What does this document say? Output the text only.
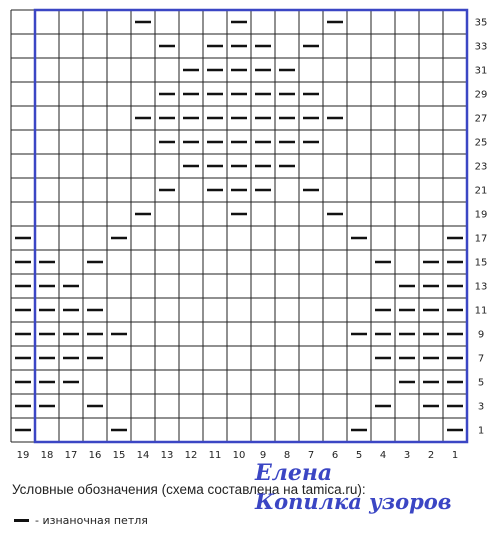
1
3
5
7
9
11
13
15
17
19
21
23
25
27
29
31
33
35
19 18 17 16 15 14 13 12 11 10 9 8 7 6 5 4 3 2 1
Условные обозначения (схема составлена на tamica.ru):
- изнаночная петля
Елена
Копилка узоров
